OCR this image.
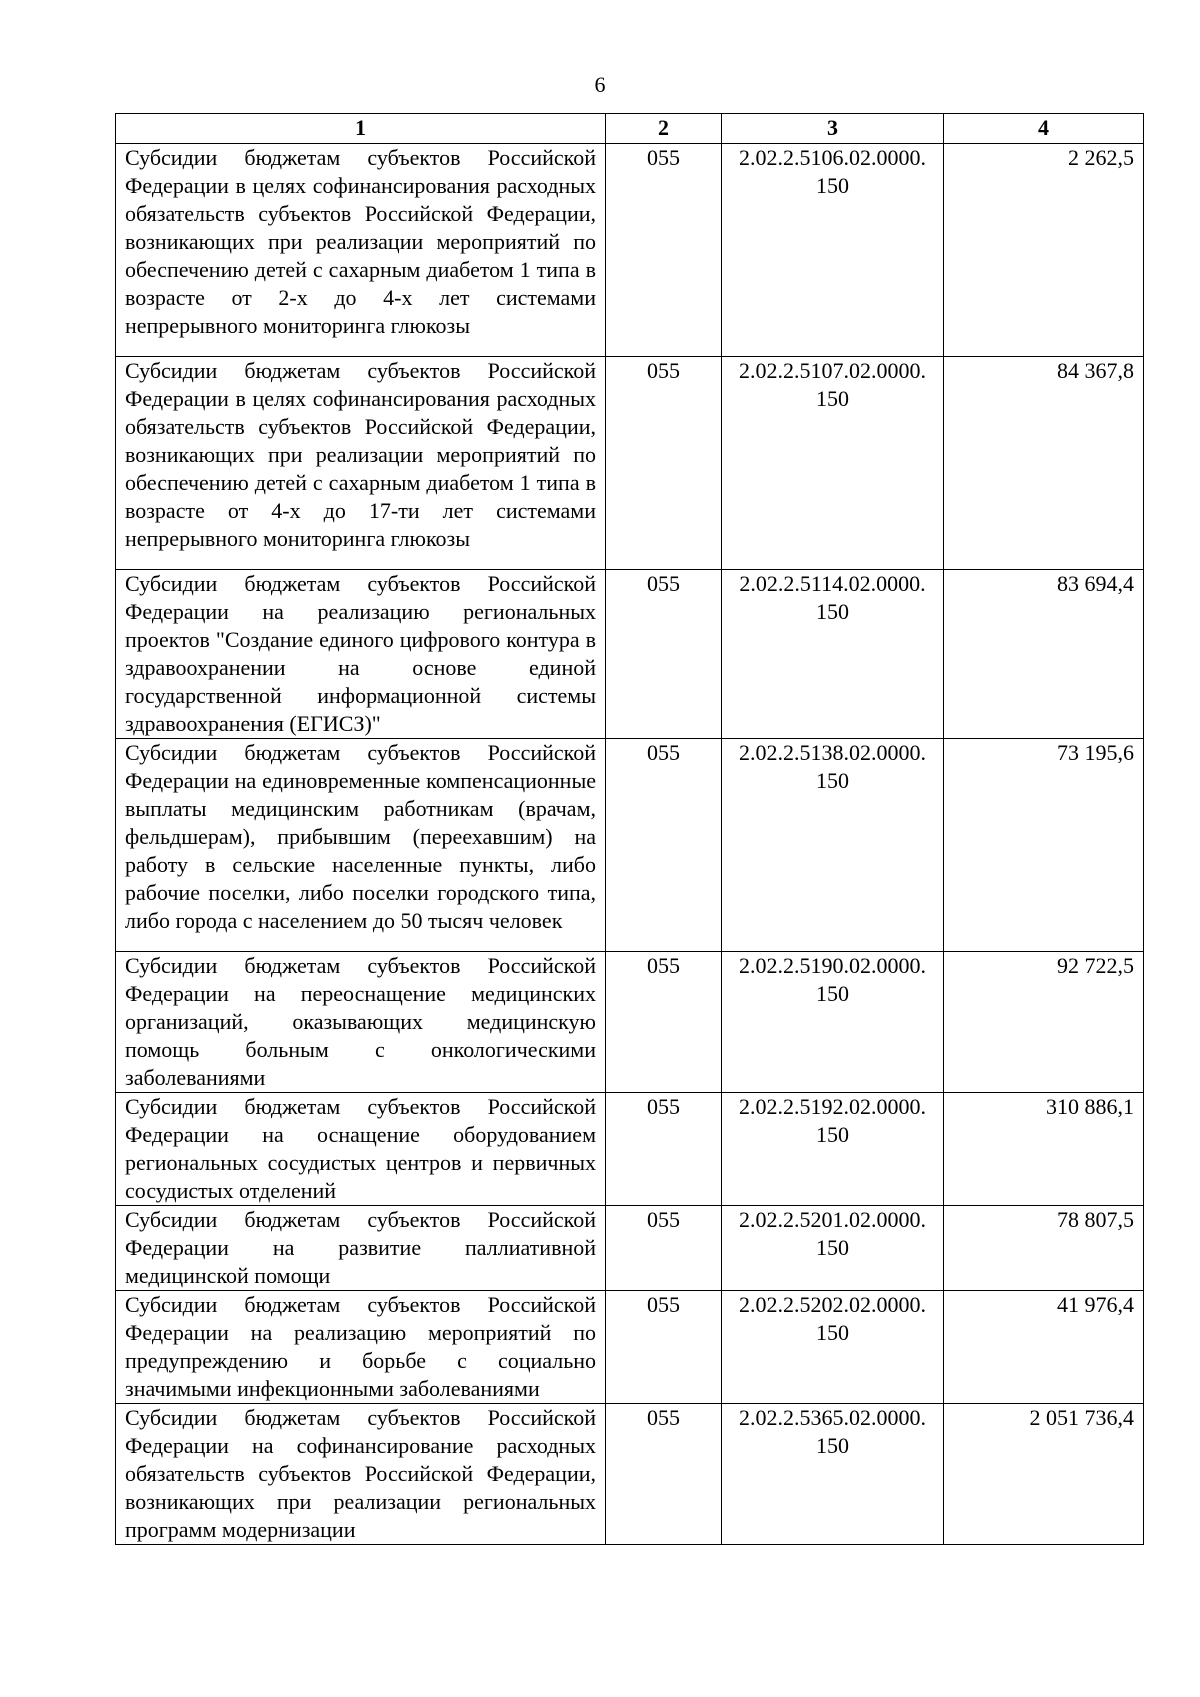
6
1	2	3	4
Субсидии бюджетам субъектов Российской Федерации в целях софинансирования расходных обязательств субъектов Российской Федерации, возникающих при реализации мероприятий по обеспечению детей с сахарным диабетом 1 типа в возрасте от 2-х до 4-х лет системами непрерывного мониторинга глюкозы	055	2.02.2.5106.02.0000. 150	2 262,5
Субсидии бюджетам субъектов Российской Федерации в целях софинансирования расходных обязательств субъектов Российской Федерации, возникающих при реализации мероприятий по обеспечению детей с сахарным диабетом 1 типа в возрасте от 4-х до 17-ти лет системами непрерывного мониторинга глюкозы	055	2.02.2.5107.02.0000. 150	84 367,8
Субсидии бюджетам субъектов Российской Федерации на реализацию региональных проектов "Создание единого цифрового контура в здравоохранении на основе единой государственной информационной системы здравоохранения (ЕГИСЗ)"	055	2.02.2.5114.02.0000. 150	83 694,4
Субсидии бюджетам субъектов Российской Федерации на единовременные компенсационные выплаты медицинским работникам (врачам, фельдшерам), прибывшим (переехавшим) на работу в сельские населенные пункты, либо рабочие поселки, либо поселки городского типа, либо города с населением до 50 тысяч человек	055	2.02.2.5138.02.0000. 150	73 195,6
Субсидии бюджетам субъектов Российской Федерации на переоснащение медицинских организаций, оказывающих медицинскую помощь больным с онкологическими заболеваниями	055	2.02.2.5190.02.0000. 150	92 722,5
Субсидии бюджетам субъектов Российской Федерации на оснащение оборудованием региональных сосудистых центров и первичных сосудистых отделений	055	2.02.2.5192.02.0000. 150	310 886,1
Субсидии бюджетам субъектов Российской Федерации на развитие паллиативной медицинской помощи	055	2.02.2.5201.02.0000. 150	78 807,5
Субсидии бюджетам субъектов Российской Федерации на реализацию мероприятий по предупреждению и борьбе с социально значимыми инфекционными заболеваниями	055	2.02.2.5202.02.0000. 150	41 976,4
Субсидии бюджетам субъектов Российской Федерации на софинансирование расходных обязательств субъектов Российской Федерации, возникающих при реализации региональных программ модернизации	055	2.02.2.5365.02.0000. 150	2 051 736,4
